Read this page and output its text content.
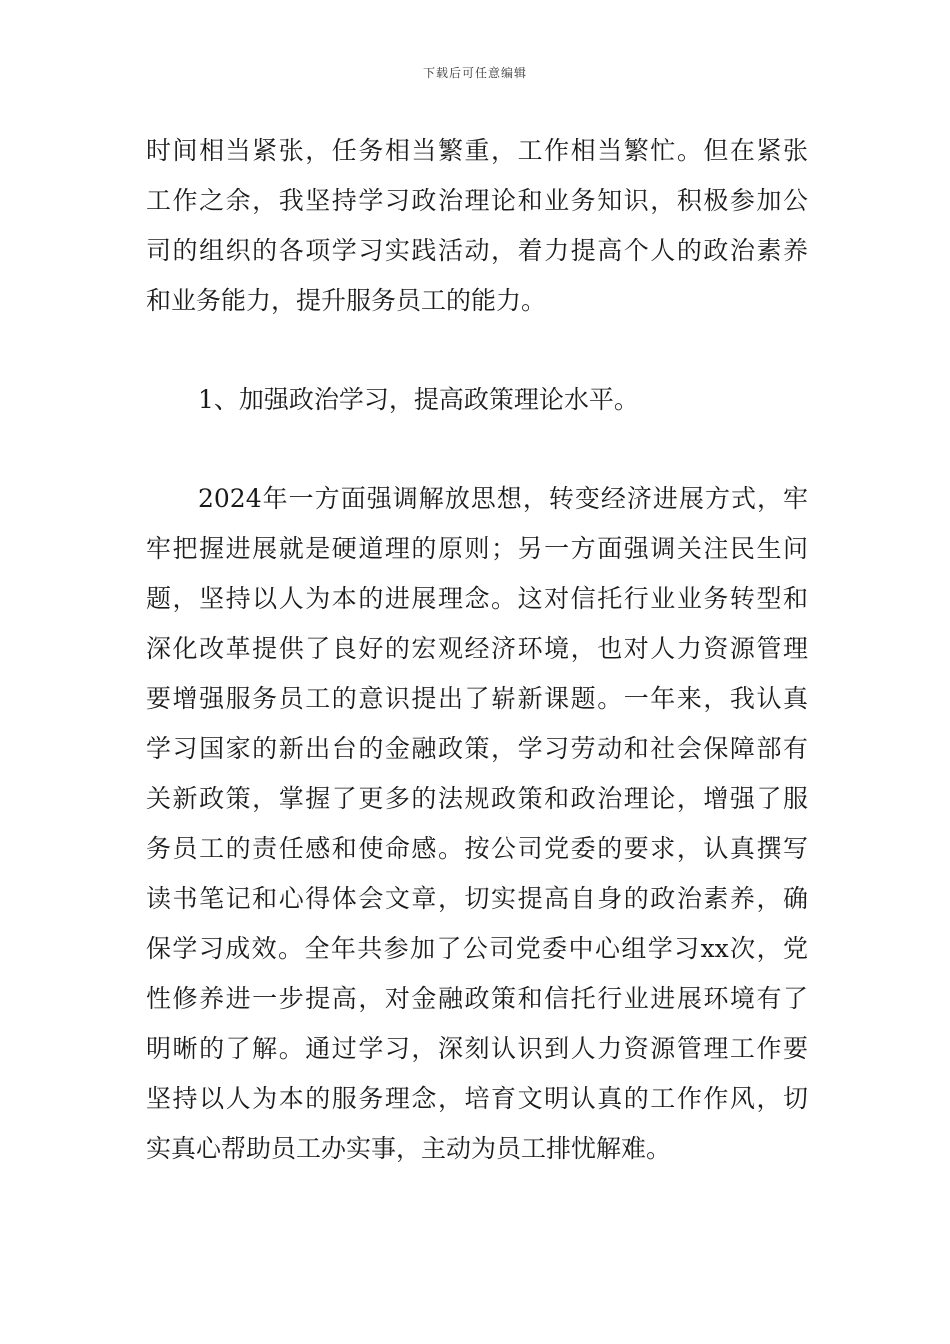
下载后可任意编辑
时间相当紧张，任务相当繁重，工作相当繁忙。但在紧张
工作之余，我坚持学习政治理论和业务知识，积极参加公
司的组织的各项学习实践活动，着力提高个人的政治素养
和业务能力，提升服务员工的能力。
1、加强政治学习，提高政策理论水平。
2024年一方面强调解放思想，转变经济进展方式，牢
牢把握进展就是硬道理的原则；另一方面强调关注民生问
题，坚持以人为本的进展理念。这对信托行业业务转型和
深化改革提供了良好的宏观经济环境，也对人力资源管理
要增强服务员工的意识提出了崭新课题。一年来，我认真
学习国家的新出台的金融政策，学习劳动和社会保障部有
关新政策，掌握了更多的法规政策和政治理论，增强了服
务员工的责任感和使命感。按公司党委的要求，认真撰写
读书笔记和心得体会文章，切实提高自身的政治素养，确
保学习成效。全年共参加了公司党委中心组学习xx次，党
性修养进一步提高，对金融政策和信托行业进展环境有了
明晰的了解。通过学习，深刻认识到人力资源管理工作要
坚持以人为本的服务理念，培育文明认真的工作作风，切
实真心帮助员工办实事，主动为员工排忧解难。
